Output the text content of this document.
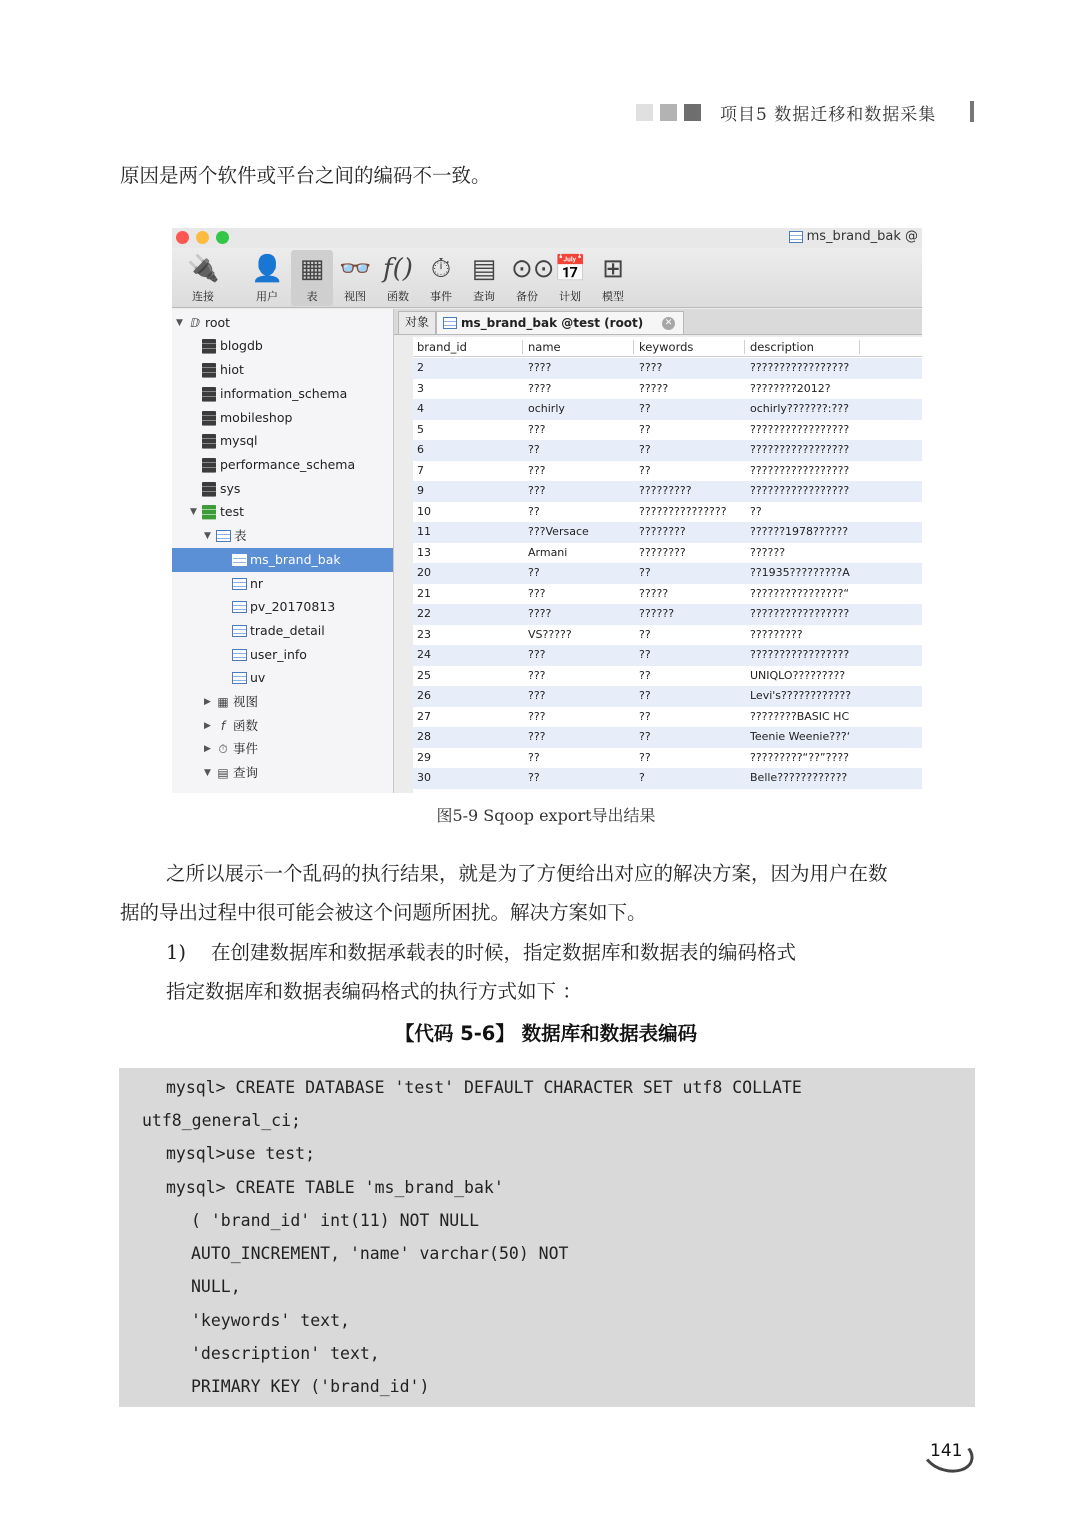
项目5 数据迁移和数据采集
原因是两个软件或平台之间的编码不一致。
ms_brand_bak @
🔌
连接
👤
用户
▦
表
👓
视图
f()
函数
⏱
事件
▤
查询
⊙⊙
备份
📅
计划
⊞
模型
▼ ⅅ root
blogdb
hiot
information_schema
mobileshop
mysql
performance_schema
sys
▼ test
▼ 表
ms_brand_bak
nr
pv_20170813
trade_detail
user_info
uv
▶ ▦ 视图
▶ f 函数
▶ ⏱ 事件
▼ ▤ 查询
对象	ms_brand_bak @test (root)	✕
brand_id	name	keywords	description
2	????	????	?????????????????
3	????	?????	????????2012?
4	ochirly	??	ochirly???????:???
5	???	??	?????????????????
6	??	??	?????????????????
7	???	??	?????????????????
9	???	?????????	?????????????????
10	??	???????????????	??
11	???Versace	????????	??????1978??????
13	Armani	????????	??????
20	??	??	??1935?????????A
21	???	?????	????????????????“
22	????	??????	?????????????????
23	VS?????	??	?????????
24	???	??	?????????????????
25	???	??	UNIQLO?????????
26	???	??	Levi's????????????
27	???	??	????????BASIC HC
28	???	??	Teenie Weenie???‘
29	??	??	?????????“??”????
30	??	?	Belle????????????
图5-9 Sqoop export导出结果
之所以展示一个乱码的执行结果，就是为了方便给出对应的解决方案，因为用户在数
据的导出过程中很可能会被这个问题所困扰。解决方案如下。
1) 在创建数据库和数据承载表的时候，指定数据库和数据表的编码格式
指定数据库和数据表编码格式的执行方式如下 ：
【代码 5-6】 数据库和数据表编码
mysql> CREATE DATABASE 'test' DEFAULT CHARACTER SET utf8 COLLATE
utf8_general_ci;
mysql>use test;
mysql> CREATE TABLE 'ms_brand_bak'
( 'brand_id' int(11) NOT NULL
AUTO_INCREMENT, 'name' varchar(50) NOT
NULL,
'keywords' text,
'description' text,
PRIMARY KEY ('brand_id')
141
